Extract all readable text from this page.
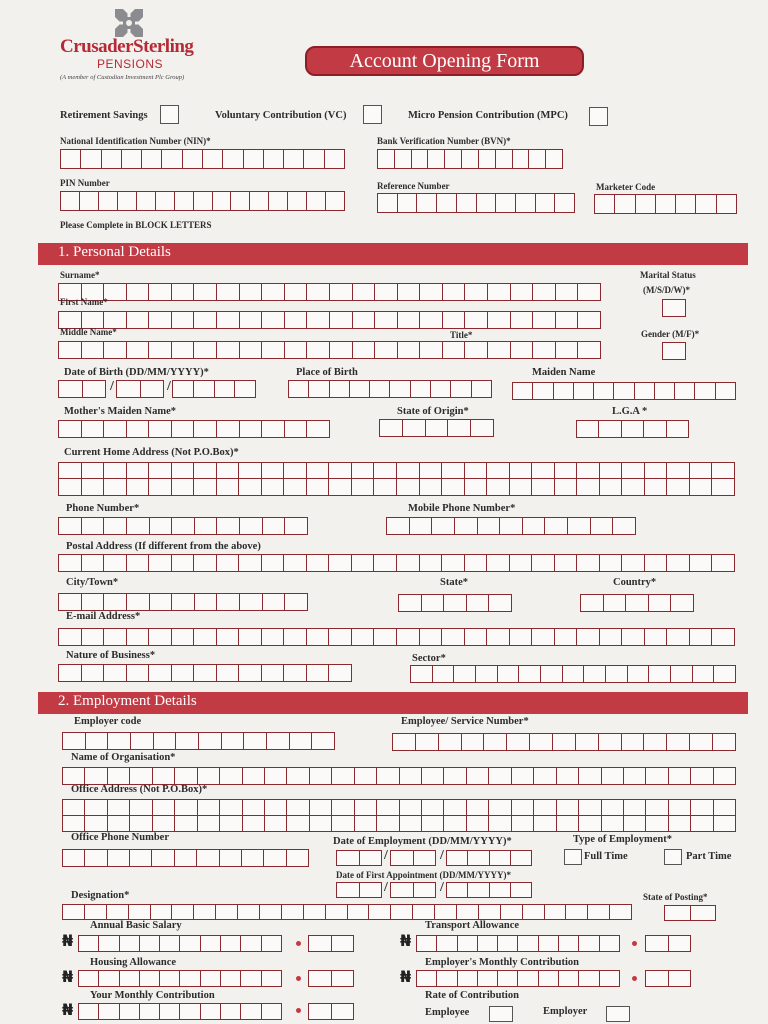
CrusaderSterling
PENSIONS
(A member of Custodian Investment Plc Group)
Account Opening Form
Retirement Savings	Voluntary Contribution (VC)	Micro Pension Contribution (MPC)
National Identification Number (NIN)*	Bank Verification Number (BVN)*
PIN Number	Reference Number	Marketer Code
Please Complete in BLOCK LETTERS
1. Personal Details
Surname*	Marital Status
(M/S/D/W)*
First Name*
Middle Name*	Title*	Gender (M/F)*
Date of Birth (DD/MM/YYYY)*
/	/
Place of Birth	Maiden Name
Mother's Maiden Name*	State of Origin*	L.G.A *
Current Home Address (Not P.O.Box)*
Phone Number*	Mobile Phone Number*
Postal Address (If different from the above)
City/Town*	State*	Country*
E-mail Address*
Nature of Business*	Sector*
2. Employment Details
Employer code	Employee/ Service Number*
Name of Organisation*
Office Address (Not P.O.Box)*
Office Phone Number	Date of Employment (DD/MM/YYYY)*
/	/
Type of Employment*
Full Time	Part Time
Date of First Appointment (DD/MM/YYYY)*
/	/
Designation*	State of Posting*
Annual Basic Salary
₦
Transport Allowance
₦
Housing Allowance
₦
Employer's Monthly Contribution
₦
Your Monthly Contribution
₦
Rate of Contribution
Employee	Employer
